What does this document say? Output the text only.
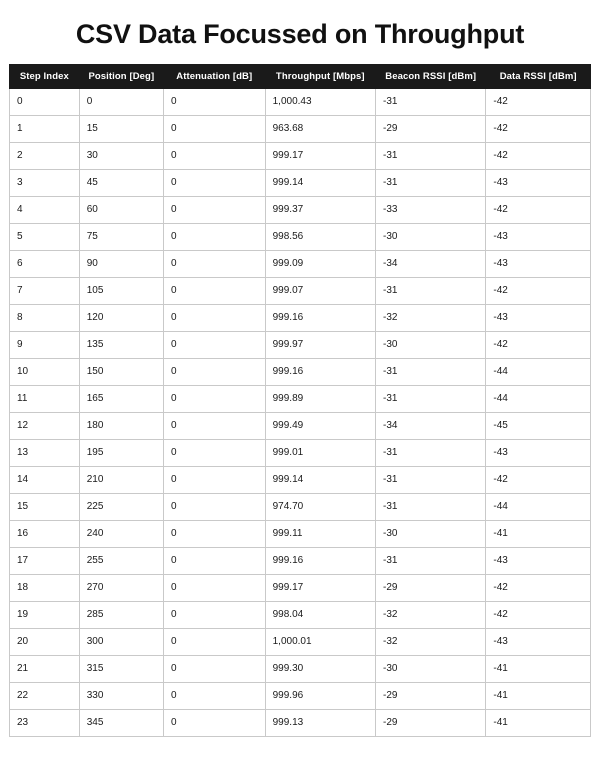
CSV Data Focussed on Throughput
Step Index	Position [Deg]	Attenuation [dB]	Throughput [Mbps]	Beacon RSSI [dBm]	Data RSSI [dBm]
0	0	0	1,000.43	-31	-42
1	15	0	963.68	-29	-42
2	30	0	999.17	-31	-42
3	45	0	999.14	-31	-43
4	60	0	999.37	-33	-42
5	75	0	998.56	-30	-43
6	90	0	999.09	-34	-43
7	105	0	999.07	-31	-42
8	120	0	999.16	-32	-43
9	135	0	999.97	-30	-42
10	150	0	999.16	-31	-44
11	165	0	999.89	-31	-44
12	180	0	999.49	-34	-45
13	195	0	999.01	-31	-43
14	210	0	999.14	-31	-42
15	225	0	974.70	-31	-44
16	240	0	999.11	-30	-41
17	255	0	999.16	-31	-43
18	270	0	999.17	-29	-42
19	285	0	998.04	-32	-42
20	300	0	1,000.01	-32	-43
21	315	0	999.30	-30	-41
22	330	0	999.96	-29	-41
23	345	0	999.13	-29	-41
